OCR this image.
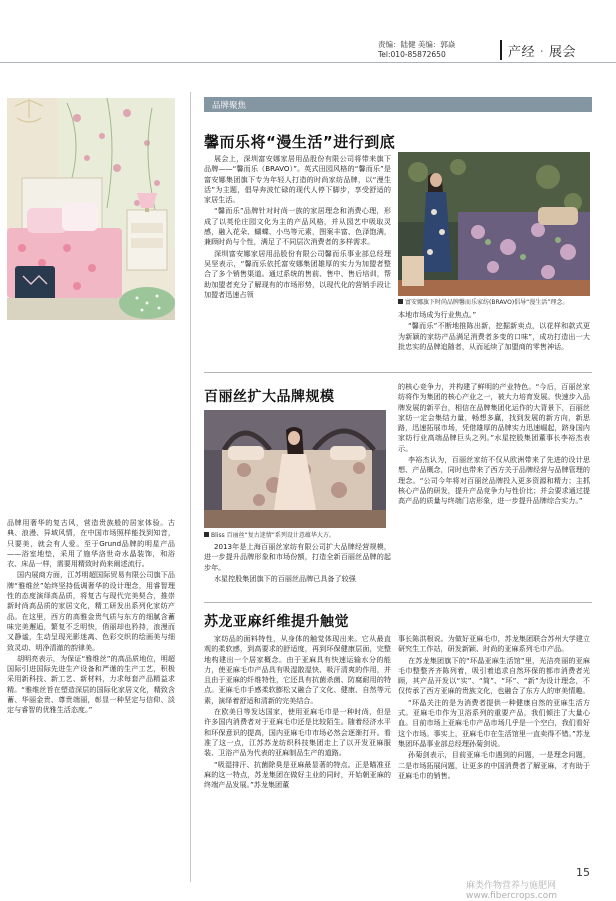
责编：陆健 美编：郭焱
Tel:010-85872650	产经 · 展会

品牌用奢华的复古风，营造贵族般的居家体验。古典、浪漫、异域风情，在中国市场照样能找到知音，只要美，就会有人爱。至于Grund品牌的明星产品——浴室地垫，采用了施华洛世奇水晶装饰，和浴衣、床品一样，需要用精致时尚来阐述流行。

国内展商方面，江苏明超国际贸易有限公司旗下品牌“雅维丝”始终坚持低调奢华的设计理念，用睿智理性的态度演绎高品质，将复古与现代完美契合，推崇新时尚高品质的家居文化，精工研发出系列化家纺产品。在这里，西方的高雅金贵气质与东方的细腻含蓄味完美邂逅，繁复不乏明快，俏丽却也矜持，浪漫而又静谧，生动呈现光影迷离、色彩交织的绘画美与细致灵动、明净清澈的韵律美。

胡明亮表示，为保证“雅维丝”的高品质地位，明超国际引进国际先进生产设备和严谨的生产工艺，积极采用新科技、新工艺、新材料，力求每套产品精益求精。“雅维丝旨在塑造深层的国际化家居文化，精致含蓄、华丽金贵、尊贵端丽，彰显一种坚定与信仰、淡定与睿智的优雅生活态度。”

品牌聚焦
馨而乐将“漫生活”进行到底

展会上，深圳富安娜家居用品股份有限公司将带来旗下品牌——“馨而乐（BRAVO）”。英式田园风格的“馨而乐”是富安娜集团旗下专为年轻人打造的时尚家纺品牌，以“漫生活”为主题，倡导奔波忙碌的现代人停下脚步，享受舒适的家居生活。

“馨而乐”品牌针对时尚一族的家居理念和消费心理，形成了以英伦庄园文化为主的产品风格，并从园艺中吸取灵感，融入花朵、蝴蝶、小鸟等元素，图案丰富、色泽饱满，兼顾时尚与个性，满足了不同层次消费者的多样需求。

深圳富安娜家居用品股份有限公司馨而乐事业部总经理吴坚表示，“馨而乐依托富安娜集团雄厚的实力为加盟者整合了多个销售渠道。通过系统的售前、售中、售后培训，帮助加盟者充分了解现有的市场形势，以现代化的营销手段让加盟者迅速占领

富安娜旗下时尚品牌馨而乐家纺(BRAVO)倡导“漫生活”理念。

本地市场成为行业焦点。”

“馨而乐”不断地推陈出新，挖掘新卖点，以花样和款式更为新颖的家纺产品满足消费者多变的口味”，成功打造出一大批忠实的品牌追随者，从而延续了加盟商的零售神话。

百丽丝扩大品牌规模
Bliss 百丽丝“复古迷情”系列设计意蕴华大方。

2013年是上海百丽丝家纺有限公司扩大品牌经营规模，进一步提升品牌形象和市场份额，打造全新百丽丝品牌的起步年。

水星控股集团旗下的百丽丝品牌已具备了较强

的核心竞争力，并构建了鲜明的产业特色。“今后，百丽丝家纺将作为集团的核心产业之一，被大力培育发展。快速步入品牌发展的新平台，相信在品牌集团化运作的大背景下，百丽丝家纺一定会集结力量，畅想多赢，找到发展的新方向，新思路，迅速拓展市场，凭借雄厚的品牌实力迅速崛起，跻身国内家纺行业高端品牌巨头之列。”水星控股集团董事长李裕杰表示。

李裕杰认为，百丽丝家纺不仅从欧洲带来了先进的设计思想、产品概念，同时也带来了西方关于品牌经营与品牌管理的理念。“公司今年将对百丽丝品牌投入更多资源和精力；主抓核心产品的研发，提升产品竞争力与性价比；并会要求通过提高产品的质量与终端门店形象，进一步提升品牌综合实力。”

苏龙亚麻纤维提升触觉

家纺品的面料特性，从身体的触觉体现出来。它从最直观的柔软感，到高要求的舒适度，再到环保健康层面，完整地构建出一个居家概念。由于亚麻具有快速运输水分的能力，使亚麻毛巾产品具有吸湿散湿快、吸汗清爽的作用，并且由于亚麻的纤维特性，它还具有抗菌杀菌、防腐耐用的特点。亚麻毛巾手感柔软膨松又融合了文化、健康、自然等元素，演绎着舒适和清新的完美结合。

在欧美日等发达国家，使用亚麻毛巾是一种时尚，但是许多国内消费者对于亚麻毛巾还是比较陌生。随着经济水平和环保意识的提高，国内亚麻毛巾市场必然会逐渐打开。看准了这一点，江苏苏龙纺织科技集团走上了以开发亚麻服装、卫浴产品为代表的亚麻制品生产的道路。

“吸湿排汗、抗菌除臭是亚麻最显著的特点。正是瞄准亚麻的这一特点，苏龙集团在做好主业的同时，开始朝亚麻的终端产品发展。”苏龙集团董

事长陈洪根说。为做好亚麻毛巾，苏龙集团联合苏州大学建立研究生工作站，研发新颖、时尚的亚麻系列毛巾产品。

在苏龙集团旗下的“环晶亚麻生活馆”里，光洁亮丽的亚麻毛巾整整齐齐陈列着，吸引着追求自然环保的都市消费者光顾，其产品开发以“实”、“简”、“环”、“新”为设计理念，不仅传承了西方亚麻的贵族文化，也融合了东方人的审美情趣。

“环晶关注的是为消费者提供一种健康自然的亚麻生活方式。亚麻毛巾作为卫浴系列的重要产品，我们倾注了大量心血。目前市场上亚麻毛巾产品市场几乎是一个空白，我们看好这个市场。事实上，亚麻毛巾在生活馆里一直卖得不错。”苏龙集团环晶事业部总经理孙菊剑说。

孙菊剑表示，目前亚麻毛巾遇到的问题，一是理念问题，二是市场拓展问题，让更多的中国消费者了解亚麻，才有助于亚麻毛巾的销售。

15
麻类作物营养与施肥网 www.fibercrops.com
